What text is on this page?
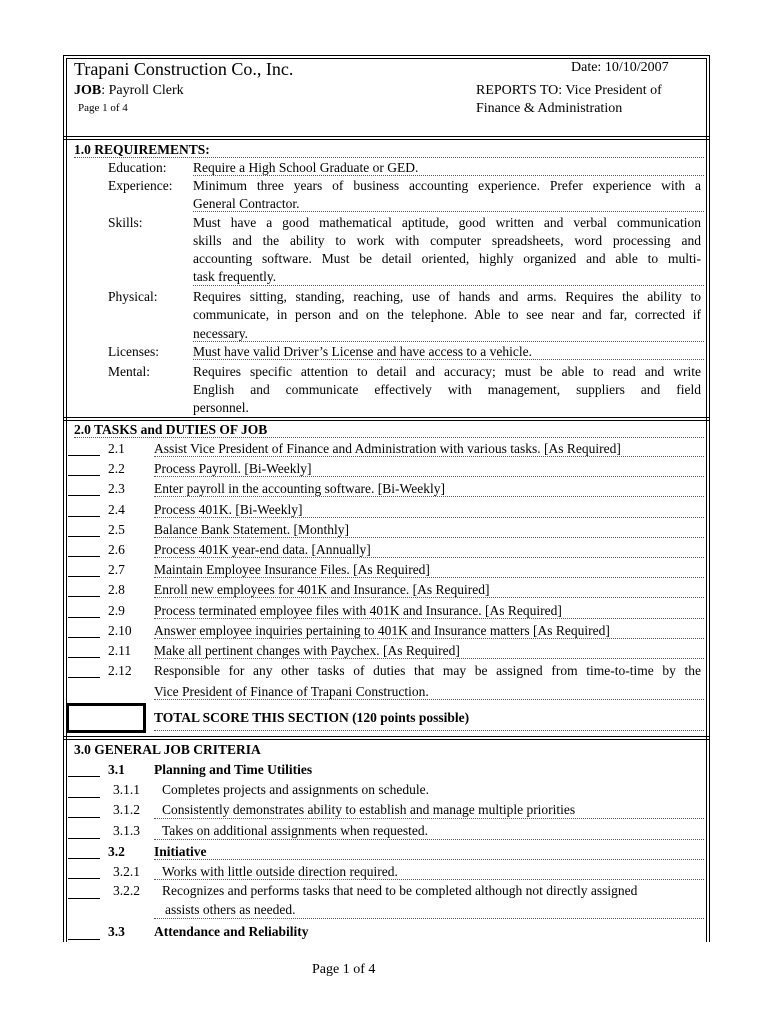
Trapani Construction Co., Inc.	Date: 10/10/2007
JOB: Payroll Clerk	REPORTS TO: Vice President of
Page 1 of 4	Finance & Administration
1.0 REQUIREMENTS:
Education: Require a High School Graduate or GED.
Experience: Minimum three years of business accounting experience. Prefer experience with a
General Contractor.
Skills:	Must have a good mathematical aptitude, good written and verbal communication
skills and the ability to work with computer spreadsheets, word processing and
accounting software. Must be detail oriented, highly organized and able to multi-
task frequently.
Physical:	Requires sitting, standing, reaching, use of hands and arms. Requires the ability to
communicate, in person and on the telephone. Able to see near and far, corrected if
necessary.
Licenses:	Must have valid Driver’s License and have access to a vehicle.
Mental:	Requires specific attention to detail and accuracy; must be able to read and write
English and communicate effectively with management, suppliers and field
personnel.
2.0 TASKS and DUTIES OF JOB
2.1 Assist Vice President of Finance and Administration with various tasks. [As Required]
2.2 Process Payroll. [Bi-Weekly]
2.3 Enter payroll in the accounting software. [Bi-Weekly]
2.4 Process 401K. [Bi-Weekly]
2.5 Balance Bank Statement. [Monthly]
2.6 Process 401K year-end data. [Annually]
2.7 Maintain Employee Insurance Files. [As Required]
2.8 Enroll new employees for 401K and Insurance. [As Required]
2.9 Process terminated employee files with 401K and Insurance. [As Required]
2.10 Answer employee inquiries pertaining to 401K and Insurance matters [As Required]
2.11 Make all pertinent changes with Paychex. [As Required]
2.12 Responsible for any other tasks of duties that may be assigned from time-to-time by the
Vice President of Finance of Trapani Construction.
TOTAL SCORE THIS SECTION (120 points possible)
3.0 GENERAL JOB CRITERIA
3.1 Planning and Time Utilities
3.1.1 Completes projects and assignments on schedule.
3.1.2 Consistently demonstrates ability to establish and manage multiple priorities
3.1.3 Takes on additional assignments when requested.
3.2 Initiative
3.2.1 Works with little outside direction required.
3.2.2 Recognizes and performs tasks that need to be completed although not directly assigned
assists others as needed.
3.3 Attendance and Reliability
Page 1 of 4
